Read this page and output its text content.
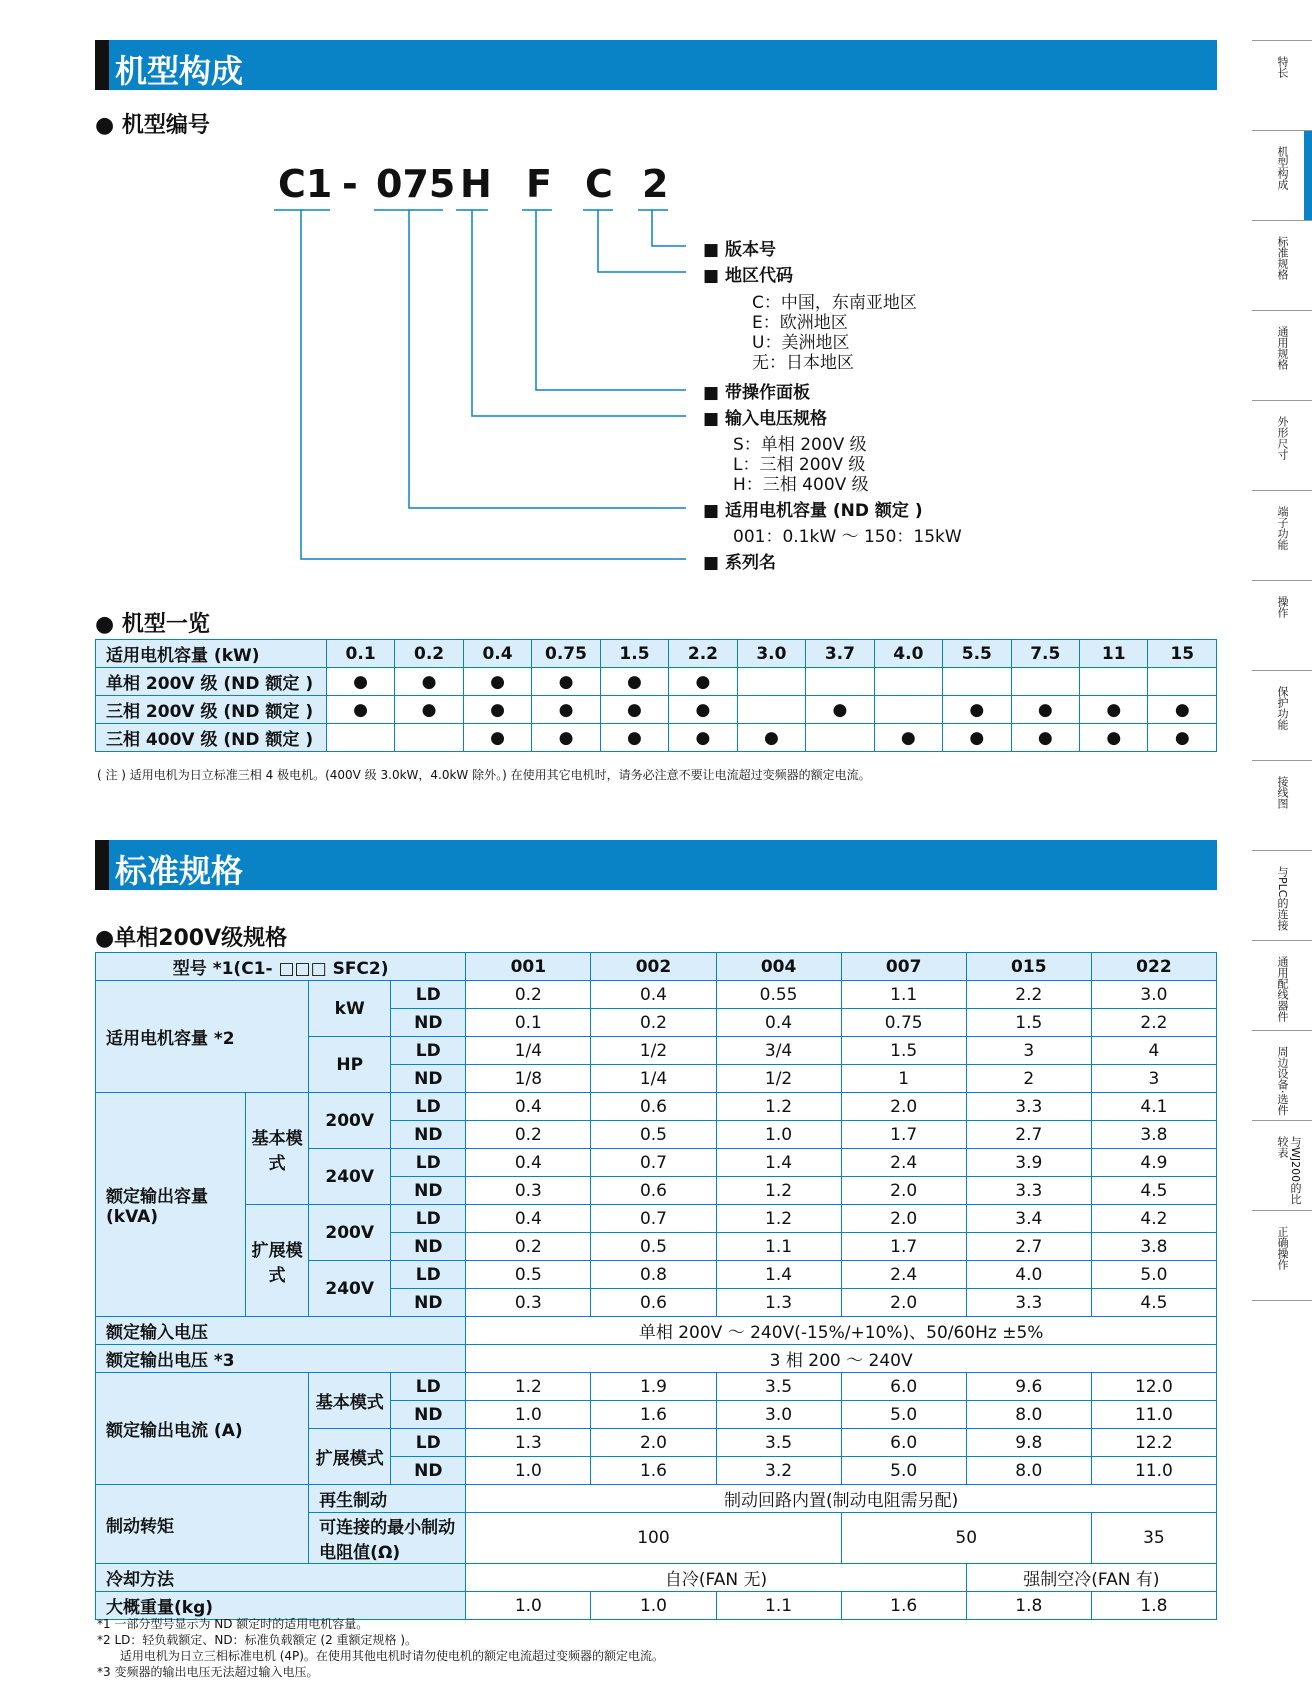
机型构成
● 机型编号
C1 - 075 H F C 2
■ 版本号
■ 地区代码
C：中国，东南亚地区
E：欧洲地区
U：美洲地区
无：日本地区
■ 带操作面板
■ 输入电压规格
S：单相 200V 级
L：三相 200V 级
H：三相 400V 级
■ 适用电机容量 (ND 额定 )
001：0.1kW ～ 150：15kW
■ 系列名
● 机型一览
适用电机容量 (kW)	0.1	0.2	0.4	0.75	1.5	2.2	3.0	3.7	4.0	5.5	7.5	11	15
单相 200V 级 (ND 额定 )	●	●	●	●	●	●							
三相 200V 级 (ND 额定 )	●	●	●	●	●	●		●		●	●	●	●
三相 400V 级 (ND 额定 )			●	●	●	●	●		●	●	●	●	●
( 注 ) 适用电机为日立标准三相 4 极电机。(400V 级 3.0kW，4.0kW 除外。) 在使用其它电机时，请务必注意不要让电流超过变频器的额定电流。
标准规格
●单相200V级规格
型号 *1(C1- □□□ SFC2)				001	002	004	007	015	022
适用电机容量 *2		kW	LD	0.2	0.4	0.55	1.1	2.2	3.0
			ND	0.1	0.2	0.4	0.75	1.5	2.2
		HP	LD	1/4	1/2	3/4	1.5	3	4
			ND	1/8	1/4	1/2	1	2	3
额定输出容量 (kVA)	基本模式	200V	LD	0.4	0.6	1.2	2.0	3.3	4.1
			ND	0.2	0.5	1.0	1.7	2.7	3.8
		240V	LD	0.4	0.7	1.4	2.4	3.9	4.9
			ND	0.3	0.6	1.2	2.0	3.3	4.5
	扩展模式	200V	LD	0.4	0.7	1.2	2.0	3.4	4.2
			ND	0.2	0.5	1.1	1.7	2.7	3.8
		240V	LD	0.5	0.8	1.4	2.4	4.0	5.0
			ND	0.3	0.6	1.3	2.0	3.3	4.5
额定输入电压				单相 200V ～ 240V(-15%/+10%)、50/60Hz ±5%					
额定输出电压 *3				3 相 200 ～ 240V					
额定输出电流 (A)		基本模式	LD	1.2	1.9	3.5	6.0	9.6	12.0
			ND	1.0	1.6	3.0	5.0	8.0	11.0
		扩展模式	LD	1.3	2.0	3.5	6.0	9.8	12.2
			ND	1.0	1.6	3.2	5.0	8.0	11.0
制动转矩		再生制动		制动回路内置(制动电阻需另配)					
		可连接的最小制动电阻值(Ω)		100			50		35
冷却方法				自冷(FAN 无)				强制空冷(FAN 有)	
大概重量(kg)				1.0	1.0	1.1	1.6	1.8	1.8
*1 一部分型号显示为 ND 额定时的适用电机容量。
*2 LD：轻负载额定、ND：标准负载额定 (2 重额定规格 )。
适用电机为日立三相标准电机 (4P)。在使用其他电机时请勿使电机的额定电流超过变频器的额定电流。
*3 变频器的输出电压无法超过输入电压。
特长
机型构成
标准规格
通用规格
外形尺寸
端子功能
操作
保护功能
接线图
与PLC的连接
通用配线器件
周边设备·选件
与WJ200的比较表
正确操作
